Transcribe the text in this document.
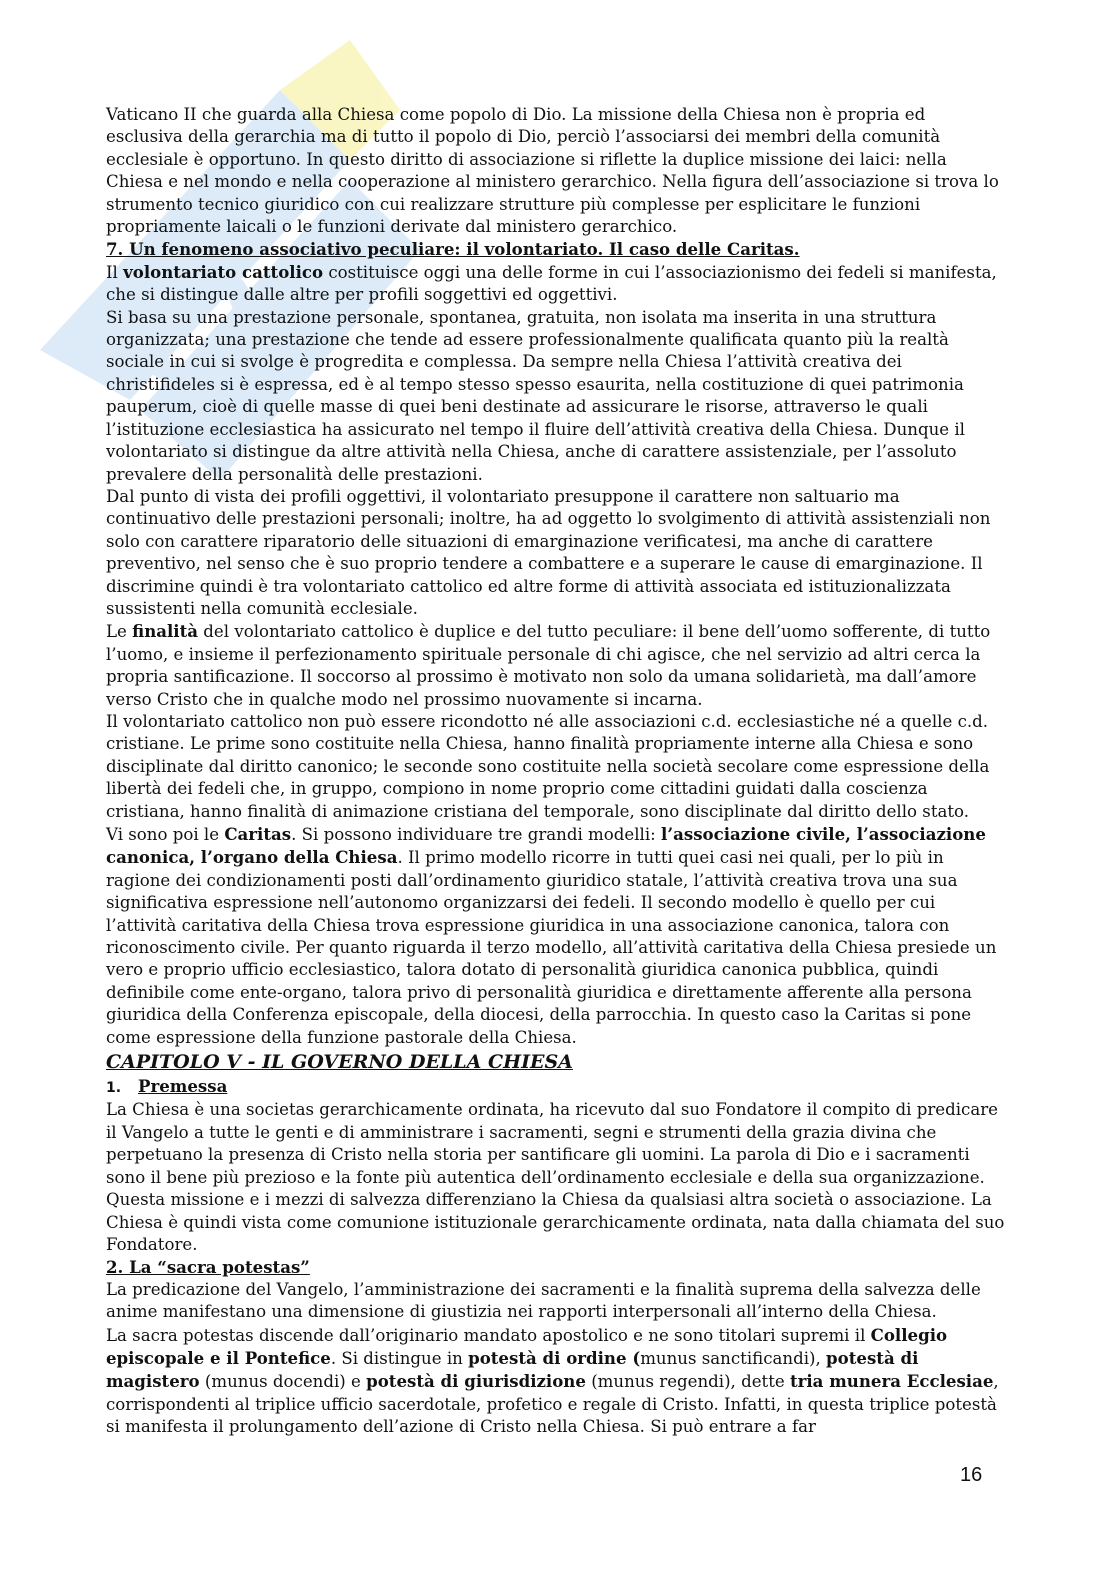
Vaticano II che guarda alla Chiesa come popolo di Dio. La missione della Chiesa non è propria ed esclusiva della gerarchia ma di tutto il popolo di Dio, perciò l’associarsi dei membri della comunità ecclesiale è opportuno. In questo diritto di associazione si riflette la duplice missione dei laici: nella Chiesa e nel mondo e nella cooperazione al ministero gerarchico. Nella figura dell’associazione si trova lo strumento tecnico giuridico con cui realizzare strutture più complesse per esplicitare le funzioni propriamente laicali o le funzioni derivate dal ministero gerarchico.

7. Un fenomeno associativo peculiare: il volontariato. Il caso delle Caritas.

Il volontariato cattolico costituisce oggi una delle forme in cui l’associazionismo dei fedeli si manifesta, che si distingue dalle altre per profili soggettivi ed oggettivi.

Si basa su una prestazione personale, spontanea, gratuita, non isolata ma inserita in una struttura organizzata; una prestazione che tende ad essere professionalmente qualificata quanto più la realtà sociale in cui si svolge è progredita e complessa. Da sempre nella Chiesa l’attività creativa dei christifideles si è espressa, ed è al tempo stesso spesso esaurita, nella costituzione di quei patrimonia pauperum, cioè di quelle masse di quei beni destinate ad assicurare le risorse, attraverso le quali l’istituzione ecclesiastica ha assicurato nel tempo il fluire dell’attività creativa della Chiesa. Dunque il volontariato si distingue da altre attività nella Chiesa, anche di carattere assistenziale, per l’assoluto prevalere della personalità delle prestazioni.

Dal punto di vista dei profili oggettivi, il volontariato presuppone il carattere non saltuario ma continuativo delle prestazioni personali; inoltre, ha ad oggetto lo svolgimento di attività assistenziali non solo con carattere riparatorio delle situazioni di emarginazione verificatesi, ma anche di carattere preventivo, nel senso che è suo proprio tendere a combattere e a superare le cause di emarginazione. Il discrimine quindi è tra volontariato cattolico ed altre forme di attività associata ed istituzionalizzata sussistenti nella comunità ecclesiale.

Le finalità del volontariato cattolico è duplice e del tutto peculiare: il bene dell’uomo sofferente, di tutto l’uomo, e insieme il perfezionamento spirituale personale di chi agisce, che nel servizio ad altri cerca la propria santificazione. Il soccorso al prossimo è motivato non solo da umana solidarietà, ma dall’amore verso Cristo che in qualche modo nel prossimo nuovamente si incarna.

Il volontariato cattolico non può essere ricondotto né alle associazioni c.d. ecclesiastiche né a quelle c.d. cristiane. Le prime sono costituite nella Chiesa, hanno finalità propriamente interne alla Chiesa e sono disciplinate dal diritto canonico; le seconde sono costituite nella società secolare come espressione della libertà dei fedeli che, in gruppo, compiono in nome proprio come cittadini guidati dalla coscienza cristiana, hanno finalità di animazione cristiana del temporale, sono disciplinate dal diritto dello stato.

Vi sono poi le Caritas. Si possono individuare tre grandi modelli: l’associazione civile, l’associazione canonica, l’organo della Chiesa. Il primo modello ricorre in tutti quei casi nei quali, per lo più in ragione dei condizionamenti posti dall’ordinamento giuridico statale, l’attività creativa trova una sua significativa espressione nell’autonomo organizzarsi dei fedeli. Il secondo modello è quello per cui l’attività caritativa della Chiesa trova espressione giuridica in una associazione canonica, talora con riconoscimento civile. Per quanto riguarda il terzo modello, all’attività caritativa della Chiesa presiede un vero e proprio ufficio ecclesiastico, talora dotato di personalità giuridica canonica pubblica, quindi definibile come ente-organo, talora privo di personalità giuridica e direttamente afferente alla persona giuridica della Conferenza episcopale, della diocesi, della parrocchia. In questo caso la Caritas si pone come espressione della funzione pastorale della Chiesa.

CAPITOLO V - IL GOVERNO DELLA CHIESA

1. Premessa

La Chiesa è una societas gerarchicamente ordinata, ha ricevuto dal suo Fondatore il compito di predicare il Vangelo a tutte le genti e di amministrare i sacramenti, segni e strumenti della grazia divina che perpetuano la presenza di Cristo nella storia per santificare gli uomini. La parola di Dio e i sacramenti sono il bene più prezioso e la fonte più autentica dell’ordinamento ecclesiale e della sua organizzazione. Questa missione e i mezzi di salvezza differenziano la Chiesa da qualsiasi altra società o associazione. La Chiesa è quindi vista come comunione istituzionale gerarchicamente ordinata, nata dalla chiamata del suo Fondatore.

2. La “sacra potestas”

La predicazione del Vangelo, l’amministrazione dei sacramenti e la finalità suprema della salvezza delle anime manifestano una dimensione di giustizia nei rapporti interpersonali all’interno della Chiesa.

La sacra potestas discende dall’originario mandato apostolico e ne sono titolari supremi il Collegio episcopale e il Pontefice. Si distingue in potestà di ordine (munus sanctificandi), potestà di magistero (munus docendi) e potestà di giurisdizione (munus regendi), dette tria munera Ecclesiae, corrispondenti al triplice ufficio sacerdotale, profetico e regale di Cristo. Infatti, in questa triplice potestà si manifesta il prolungamento dell’azione di Cristo nella Chiesa. Si può entrare a far

16
